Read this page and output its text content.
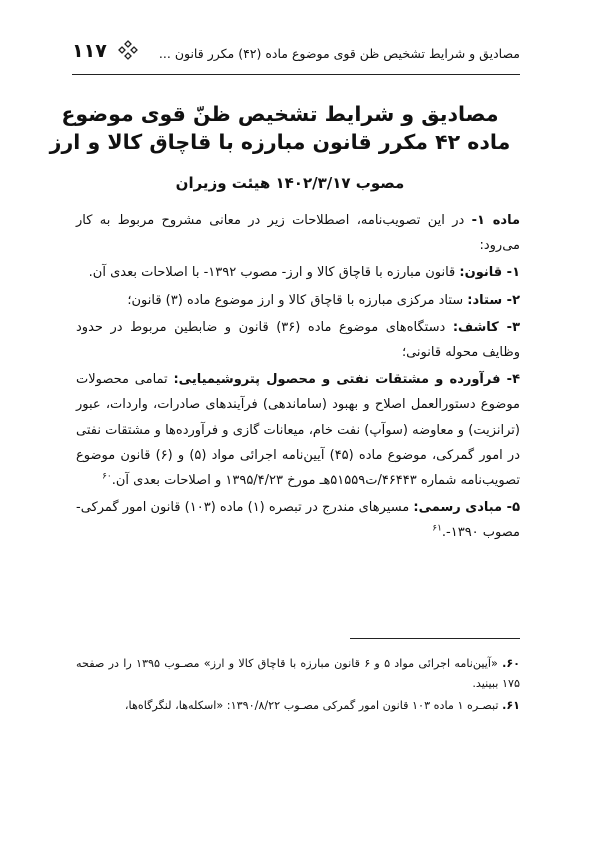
۱۱۷	مصادیق و شرایط تشخیص ظن قوی موضوع ماده (۴۲) مکرر قانون ...
مصادیق و شرایط تشخیص ظنّ قوی موضوع ماده ۴۲ مکرر قانون مبارزه با قاچاق کالا و ارز
مصوب ۱۴۰۲/۳/۱۷ هیئت وزیران

ماده ۱- در این تصویب‌نامه، اصطلاحات زیر در معانی مشروح مربوط به کار می‌رود:

۱- قانون: قانون مبارزه با قاچاق کالا و ارز- مصوب ۱۳۹۲- با اصلاحات بعدی آن.

۲- ستاد: ستاد مرکزی مبارزه با قاچاق کالا و ارز موضوع ماده (۳) قانون؛

۳- کاشف: دستگاه‌های موضوع ماده (۳۶) قانون و ضابطین مربوط در حدود وظایف محوله قانونی؛

۴- فرآورده و مشتقات نفتی و محصول پتروشیمیایی: تمامی محصولات موضوع دستورالعمل اصلاح و بهبود (ساماندهی) فرآیندهای صادرات، واردات، عبور (ترانزیت) و معاوضه (سوآپ) نفت خام، میعانات گازی و فرآورده‌ها و مشتقات نفتی در امور گمرکی، موضوع ماده (۴۵) آیین‌نامه اجرائی مواد (۵) و (۶) قانون موضوع تصویب‌نامه شماره ۴۶۴۴۳/ت۵۱۵۵۹هـ مورخ ۱۳۹۵/۴/۲۳ و اصلاحات بعدی آن.$^{۶۰}$

۵- مبادی رسمی: مسیرهای مندرج در تبصره (۱) ماده (۱۰۳) قانون امور گمرکی- مصوب ۱۳۹۰-.$^{۶۱}$

۶۰. «آیین‌نامه اجرائی مواد ۵ و ۶ قانون مبارزه با قاچاق کالا و ارز» مصـوب ۱۳۹۵ را در صفحه ۱۷۵ ببینید.

۶۱. تبصـره ۱ ماده ۱۰۳ قانون امور گمرکی مصـوب ۱۳۹۰/۸/۲۲: «اسکله‌ها، لنگرگاه‌ها،
